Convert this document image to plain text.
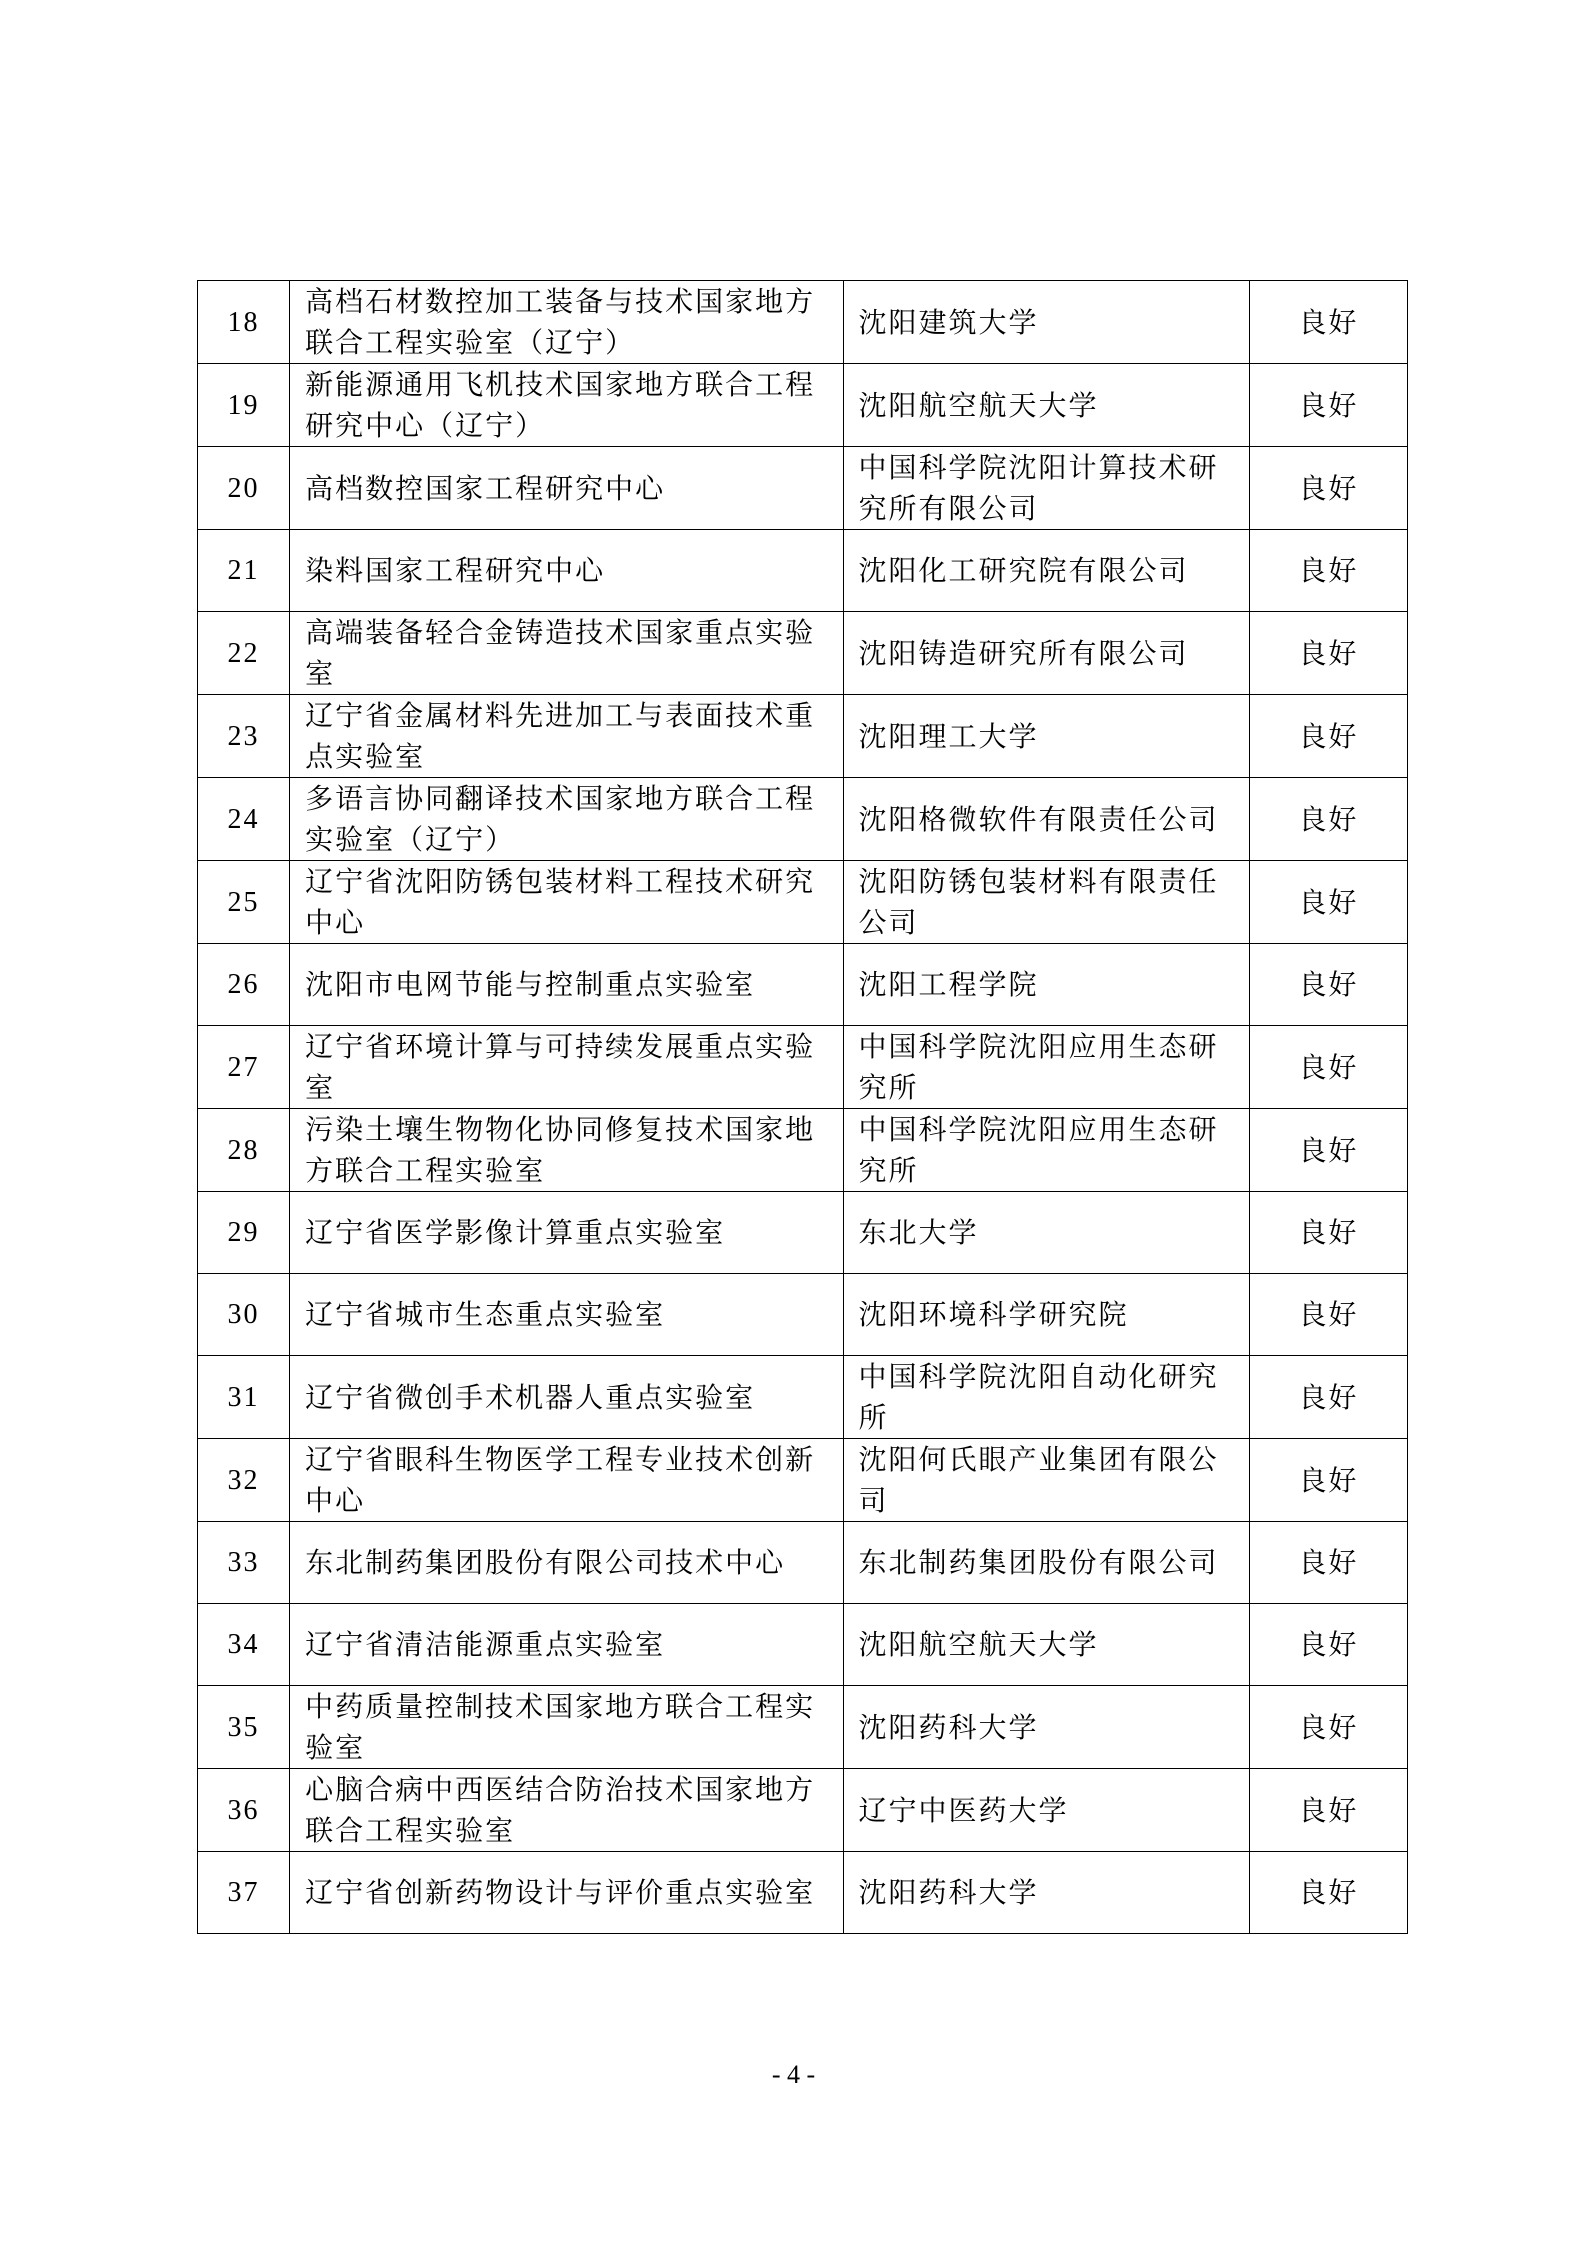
18	高档石材数控加工装备与技术国家地方联合工程实验室（辽宁）	沈阳建筑大学	良好
19	新能源通用飞机技术国家地方联合工程研究中心（辽宁）	沈阳航空航天大学	良好
20	高档数控国家工程研究中心	中国科学院沈阳计算技术研究所有限公司	良好
21	染料国家工程研究中心	沈阳化工研究院有限公司	良好
22	高端装备轻合金铸造技术国家重点实验室	沈阳铸造研究所有限公司	良好
23	辽宁省金属材料先进加工与表面技术重点实验室	沈阳理工大学	良好
24	多语言协同翻译技术国家地方联合工程实验室（辽宁）	沈阳格微软件有限责任公司	良好
25	辽宁省沈阳防锈包装材料工程技术研究中心	沈阳防锈包装材料有限责任公司	良好
26	沈阳市电网节能与控制重点实验室	沈阳工程学院	良好
27	辽宁省环境计算与可持续发展重点实验室	中国科学院沈阳应用生态研究所	良好
28	污染土壤生物物化协同修复技术国家地方联合工程实验室	中国科学院沈阳应用生态研究所	良好
29	辽宁省医学影像计算重点实验室	东北大学	良好
30	辽宁省城市生态重点实验室	沈阳环境科学研究院	良好
31	辽宁省微创手术机器人重点实验室	中国科学院沈阳自动化研究所	良好
32	辽宁省眼科生物医学工程专业技术创新中心	沈阳何氏眼产业集团有限公司	良好
33	东北制药集团股份有限公司技术中心	东北制药集团股份有限公司	良好
34	辽宁省清洁能源重点实验室	沈阳航空航天大学	良好
35	中药质量控制技术国家地方联合工程实验室	沈阳药科大学	良好
36	心脑合病中西医结合防治技术国家地方联合工程实验室	辽宁中医药大学	良好
37	辽宁省创新药物设计与评价重点实验室	沈阳药科大学	良好
- 4 -
